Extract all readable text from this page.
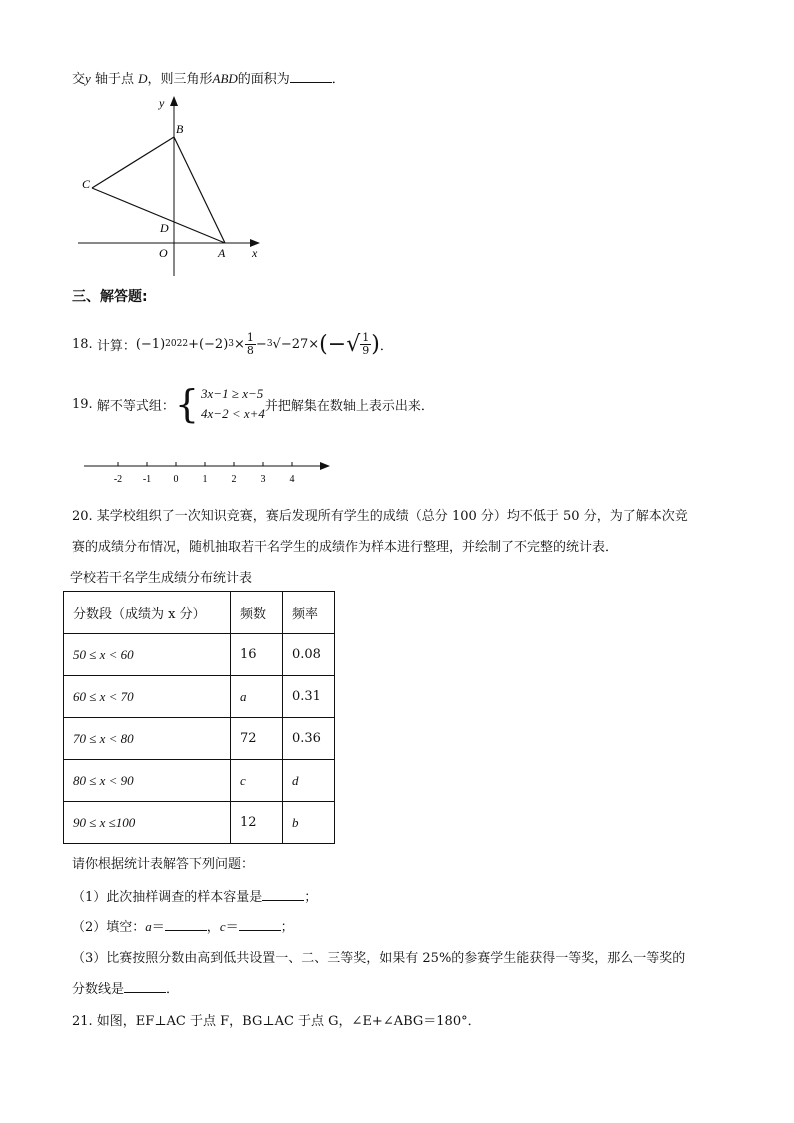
交y 轴于点 D，则三角形ABD的面积为	．
y
x
B
C
D
O	A
三、解答题:
18.
计算： (−1) 2022 +(−2) $3 \times \frac{1}{8} - 3$ √−27 × (−√ $\frac{1}{9}$ ) ．
19.
解不等式组： { 3x−1 ≥ x−5
4x−2 < x+4 并把解集在数轴上表示出来．
-2 -1 0 1 2 3 4
20. 某学校组织了一次知识竞赛，赛后发现所有学生的成绩（总分 100 分）均不低于 50 分，为了解本次竞
赛的成绩分布情况，随机抽取若干名学生的成绩作为样本进行整理，并绘制了不完整的统计表．
学校若干名学生成绩分布统计表
分数段（成绩为 x 分）	频数	频率
50 ≤ x < 60	16	0.08
60 ≤ x < 70	a	0.31
70 ≤ x < 80	72	0.36
80 ≤ x < 90	c	d
90 ≤ x ≤100	12	b
请你根据统计表解答下列问题：
（1）此次抽样调查的样本容量是	；
（2）填空：a＝	，c＝	；
（3）比赛按照分数由高到低共设置一、二、三等奖，如果有 25%的参赛学生能获得一等奖，那么一等奖的
分数线是	．
21. 如图，EF⊥AC 于点 F，BG⊥AC 于点 G，∠E+∠ABG＝180°．
